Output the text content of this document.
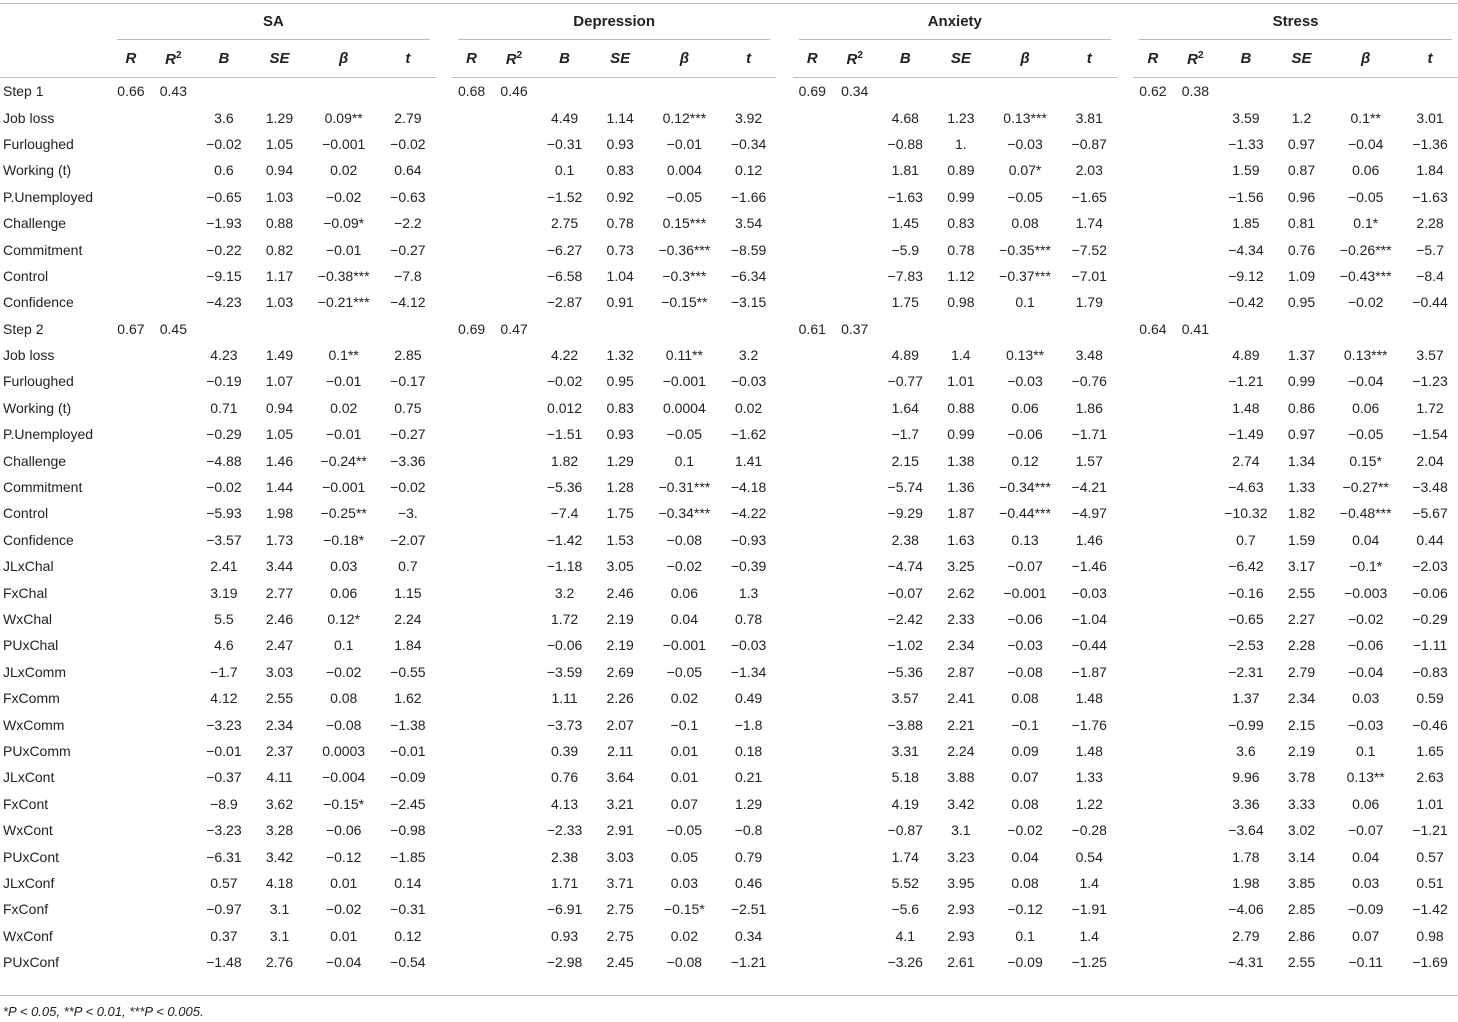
	SA							Depression							Anxiety							Stress					

	R	$R^2$	B	SE	β	t		R	$R^2$	B	SE	β	t		R	$R^2$	B	SE	β	t		R	$R^2$	B	SE	β	t
Step 1	0.66	0.43						0.68	0.46						0.69	0.34						0.62	0.38				
Job loss			3.6	1.29	0.09**	2.79				4.49	1.14	0.12***	3.92				4.68	1.23	0.13***	3.81				3.59	1.2	0.1**	3.01
Furloughed			−0.02	1.05	−0.001	−0.02				−0.31	0.93	−0.01	−0.34				−0.88	1.	−0.03	−0.87				−1.33	0.97	−0.04	−1.36
Working (t)			0.6	0.94	0.02	0.64				0.1	0.83	0.004	0.12				1.81	0.89	0.07*	2.03				1.59	0.87	0.06	1.84
P.Unemployed			−0.65	1.03	−0.02	−0.63				−1.52	0.92	−0.05	−1.66				−1.63	0.99	−0.05	−1.65				−1.56	0.96	−0.05	−1.63
Challenge			−1.93	0.88	−0.09*	−2.2				2.75	0.78	0.15***	3.54				1.45	0.83	0.08	1.74				1.85	0.81	0.1*	2.28
Commitment			−0.22	0.82	−0.01	−0.27				−6.27	0.73	−0.36***	−8.59				−5.9	0.78	−0.35***	−7.52				−4.34	0.76	−0.26***	−5.7
Control			−9.15	1.17	−0.38***	−7.8				−6.58	1.04	−0.3***	−6.34				−7.83	1.12	−0.37***	−7.01				−9.12	1.09	−0.43***	−8.4
Confidence			−4.23	1.03	−0.21***	−4.12				−2.87	0.91	−0.15**	−3.15				1.75	0.98	0.1	1.79				−0.42	0.95	−0.02	−0.44
Step 2	0.67	0.45						0.69	0.47						0.61	0.37						0.64	0.41				
Job loss			4.23	1.49	0.1**	2.85				4.22	1.32	0.11**	3.2				4.89	1.4	0.13**	3.48				4.89	1.37	0.13***	3.57
Furloughed			−0.19	1.07	−0.01	−0.17				−0.02	0.95	−0.001	−0.03				−0.77	1.01	−0.03	−0.76				−1.21	0.99	−0.04	−1.23
Working (t)			0.71	0.94	0.02	0.75				0.012	0.83	0.0004	0.02				1.64	0.88	0.06	1.86				1.48	0.86	0.06	1.72
P.Unemployed			−0.29	1.05	−0.01	−0.27				−1.51	0.93	−0.05	−1.62				−1.7	0.99	−0.06	−1.71				−1.49	0.97	−0.05	−1.54
Challenge			−4.88	1.46	−0.24**	−3.36				1.82	1.29	0.1	1.41				2.15	1.38	0.12	1.57				2.74	1.34	0.15*	2.04
Commitment			−0.02	1.44	−0.001	−0.02				−5.36	1.28	−0.31***	−4.18				−5.74	1.36	−0.34***	−4.21				−4.63	1.33	−0.27**	−3.48
Control			−5.93	1.98	−0.25**	−3.				−7.4	1.75	−0.34***	−4.22				−9.29	1.87	−0.44***	−4.97				−10.32	1.82	−0.48***	−5.67
Confidence			−3.57	1.73	−0.18*	−2.07				−1.42	1.53	−0.08	−0.93				2.38	1.63	0.13	1.46				0.7	1.59	0.04	0.44
JLxChal			2.41	3.44	0.03	0.7				−1.18	3.05	−0.02	−0.39				−4.74	3.25	−0.07	−1.46				−6.42	3.17	−0.1*	−2.03
FxChal			3.19	2.77	0.06	1.15				3.2	2.46	0.06	1.3				−0.07	2.62	−0.001	−0.03				−0.16	2.55	−0.003	−0.06
WxChal			5.5	2.46	0.12*	2.24				1.72	2.19	0.04	0.78				−2.42	2.33	−0.06	−1.04				−0.65	2.27	−0.02	−0.29
PUxChal			4.6	2.47	0.1	1.84				−0.06	2.19	−0.001	−0.03				−1.02	2.34	−0.03	−0.44				−2.53	2.28	−0.06	−1.11
JLxComm			−1.7	3.03	−0.02	−0.55				−3.59	2.69	−0.05	−1.34				−5.36	2.87	−0.08	−1.87				−2.31	2.79	−0.04	−0.83
FxComm			4.12	2.55	0.08	1.62				1.11	2.26	0.02	0.49				3.57	2.41	0.08	1.48				1.37	2.34	0.03	0.59
WxComm			−3.23	2.34	−0.08	−1.38				−3.73	2.07	−0.1	−1.8				−3.88	2.21	−0.1	−1.76				−0.99	2.15	−0.03	−0.46
PUxComm			−0.01	2.37	0.0003	−0.01				0.39	2.11	0.01	0.18				3.31	2.24	0.09	1.48				3.6	2.19	0.1	1.65
JLxCont			−0.37	4.11	−0.004	−0.09				0.76	3.64	0.01	0.21				5.18	3.88	0.07	1.33				9.96	3.78	0.13**	2.63
FxCont			−8.9	3.62	−0.15*	−2.45				4.13	3.21	0.07	1.29				4.19	3.42	0.08	1.22				3.36	3.33	0.06	1.01
WxCont			−3.23	3.28	−0.06	−0.98				−2.33	2.91	−0.05	−0.8				−0.87	3.1	−0.02	−0.28				−3.64	3.02	−0.07	−1.21
PUxCont			−6.31	3.42	−0.12	−1.85				2.38	3.03	0.05	0.79				1.74	3.23	0.04	0.54				1.78	3.14	0.04	0.57
JLxConf			0.57	4.18	0.01	0.14				1.71	3.71	0.03	0.46				5.52	3.95	0.08	1.4				1.98	3.85	0.03	0.51
FxConf			−0.97	3.1	−0.02	−0.31				−6.91	2.75	−0.15*	−2.51				−5.6	2.93	−0.12	−1.91				−4.06	2.85	−0.09	−1.42
WxConf			0.37	3.1	0.01	0.12				0.93	2.75	0.02	0.34				4.1	2.93	0.1	1.4				2.79	2.86	0.07	0.98
PUxConf			−1.48	2.76	−0.04	−0.54				−2.98	2.45	−0.08	−1.21				−3.26	2.61	−0.09	−1.25				−4.31	2.55	−0.11	−1.69
*P < 0.05, **P < 0.01, ***P < 0.005.
